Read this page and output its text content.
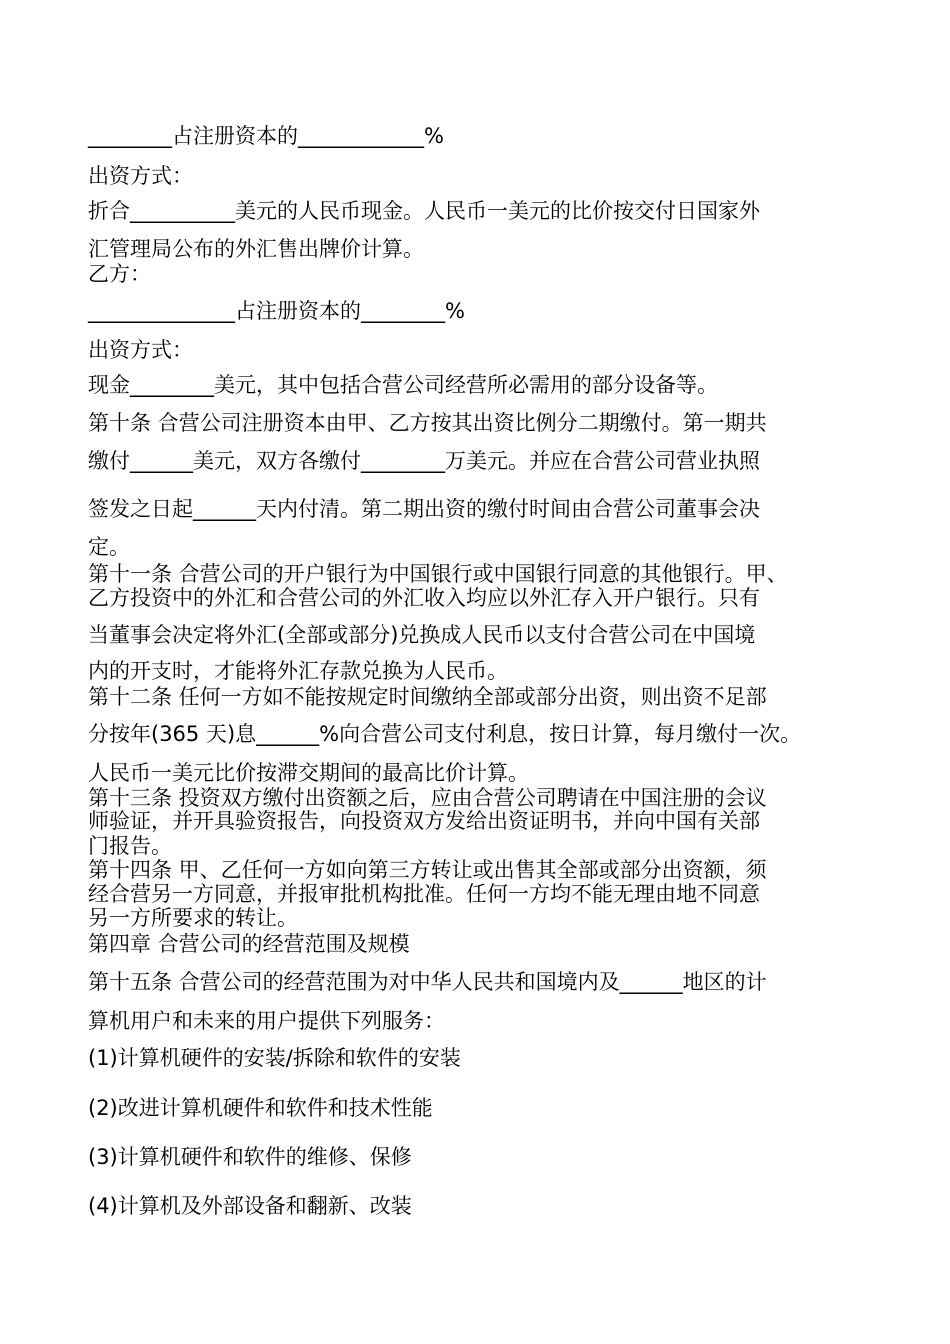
________占注册资本的____________%

出资方式：

折合__________美元的人民币现金。人民币一美元的比价按交付日国家外

汇管理局公布的外汇售出牌价计算。

乙方：

______________占注册资本的________%

出资方式：

现金________美元，其中包括合营公司经营所必需用的部分设备等。

第十条 合营公司注册资本由甲、乙方按其出资比例分二期缴付。第一期共

缴付______美元，双方各缴付________万美元。并应在合营公司营业执照

签发之日起______天内付清。第二期出资的缴付时间由合营公司董事会决

定。

第十一条 合营公司的开户银行为中国银行或中国银行同意的其他银行。甲、

乙方投资中的外汇和合营公司的外汇收入均应以外汇存入开户银行。只有

当董事会决定将外汇(全部或部分)兑换成人民币以支付合营公司在中国境

内的开支时，才能将外汇存款兑换为人民币。

第十二条 任何一方如不能按规定时间缴纳全部或部分出资，则出资不足部

分按年(365 天)息______%向合营公司支付利息，按日计算，每月缴付一次。

人民币一美元比价按滞交期间的最高比价计算。

第十三条 投资双方缴付出资额之后，应由合营公司聘请在中国注册的会议

师验证，并开具验资报告，向投资双方发给出资证明书，并向中国有关部

门报告。

第十四条 甲、乙任何一方如向第三方转让或出售其全部或部分出资额，须

经合营另一方同意，并报审批机构批准。任何一方均不能无理由地不同意

另一方所要求的转让。

第四章 合营公司的经营范围及规模

第十五条 合营公司的经营范围为对中华人民共和国境内及______地区的计

算机用户和未来的用户提供下列服务：

(1)计算机硬件的安装/拆除和软件的安装

(2)改进计算机硬件和软件和技术性能

(3)计算机硬件和软件的维修、保修

(4)计算机及外部设备和翻新、改装
